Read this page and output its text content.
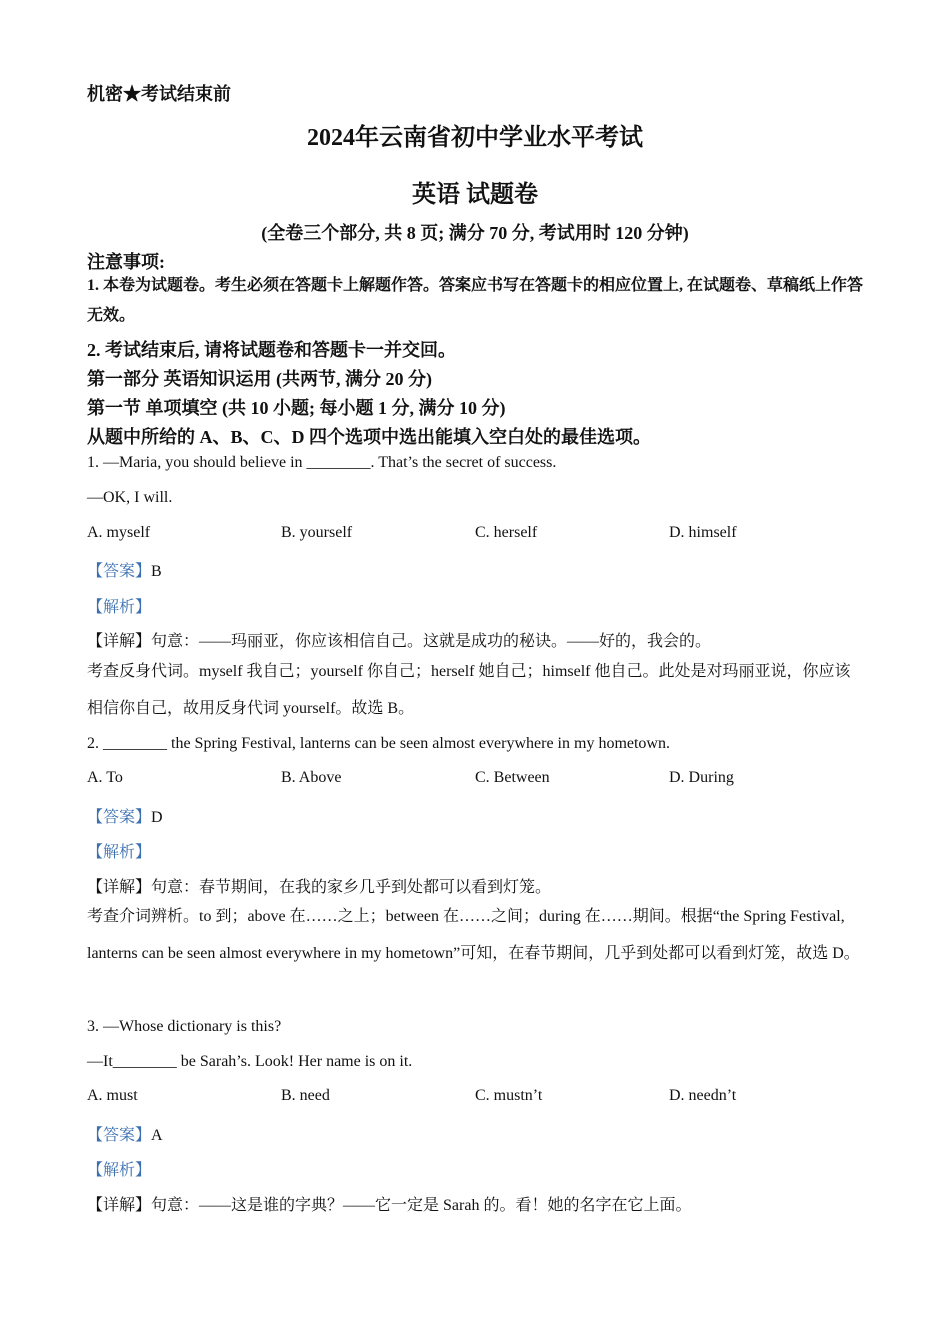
机密★考试结束前
2024年云南省初中学业水平考试
英语 试题卷
(全卷三个部分, 共 8 页; 满分 70 分, 考试用时 120 分钟)
注意事项:
1. 本卷为试题卷。考生必须在答题卡上解题作答。答案应书写在答题卡的相应位置上, 在试题卷、草稿纸上作答无效。
2. 考试结束后, 请将试题卷和答题卡一并交回。
第一部分 英语知识运用 (共两节, 满分 20 分)
第一节 单项填空 (共 10 小题; 每小题 1 分, 满分 10 分)
从题中所给的 A、B、C、D 四个选项中选出能填入空白处的最佳选项。
1. —Maria, you should believe in ________. That’s the secret of success.
—OK, I will.
A. myself	B. yourself	C. herself	D. himself
【答案】B
【解析】
【详解】句意：——玛丽亚，你应该相信自己。这就是成功的秘诀。——好的，我会的。
考查反身代词。myself 我自己；yourself 你自己；herself 她自己；himself 他自己。此处是对玛丽亚说，你应该相信你自己，故用反身代词 yourself。故选 B。
2. ________ the Spring Festival, lanterns can be seen almost everywhere in my hometown.
A. To	B. Above	C. Between	D. During
【答案】D
【解析】
【详解】句意：春节期间，在我的家乡几乎到处都可以看到灯笼。
考查介词辨析。to 到；above 在……之上；between 在……之间；during 在……期间。根据“the Spring Festival, lanterns can be seen almost everywhere in my hometown”可知，在春节期间，几乎到处都可以看到灯笼，故选 D。
3. —Whose dictionary is this?
—It________ be Sarah’s. Look! Her name is on it.
A. must	B. need	C. mustn’t	D. needn’t
【答案】A
【解析】
【详解】句意：——这是谁的字典？——它一定是 Sarah 的。看！她的名字在它上面。
